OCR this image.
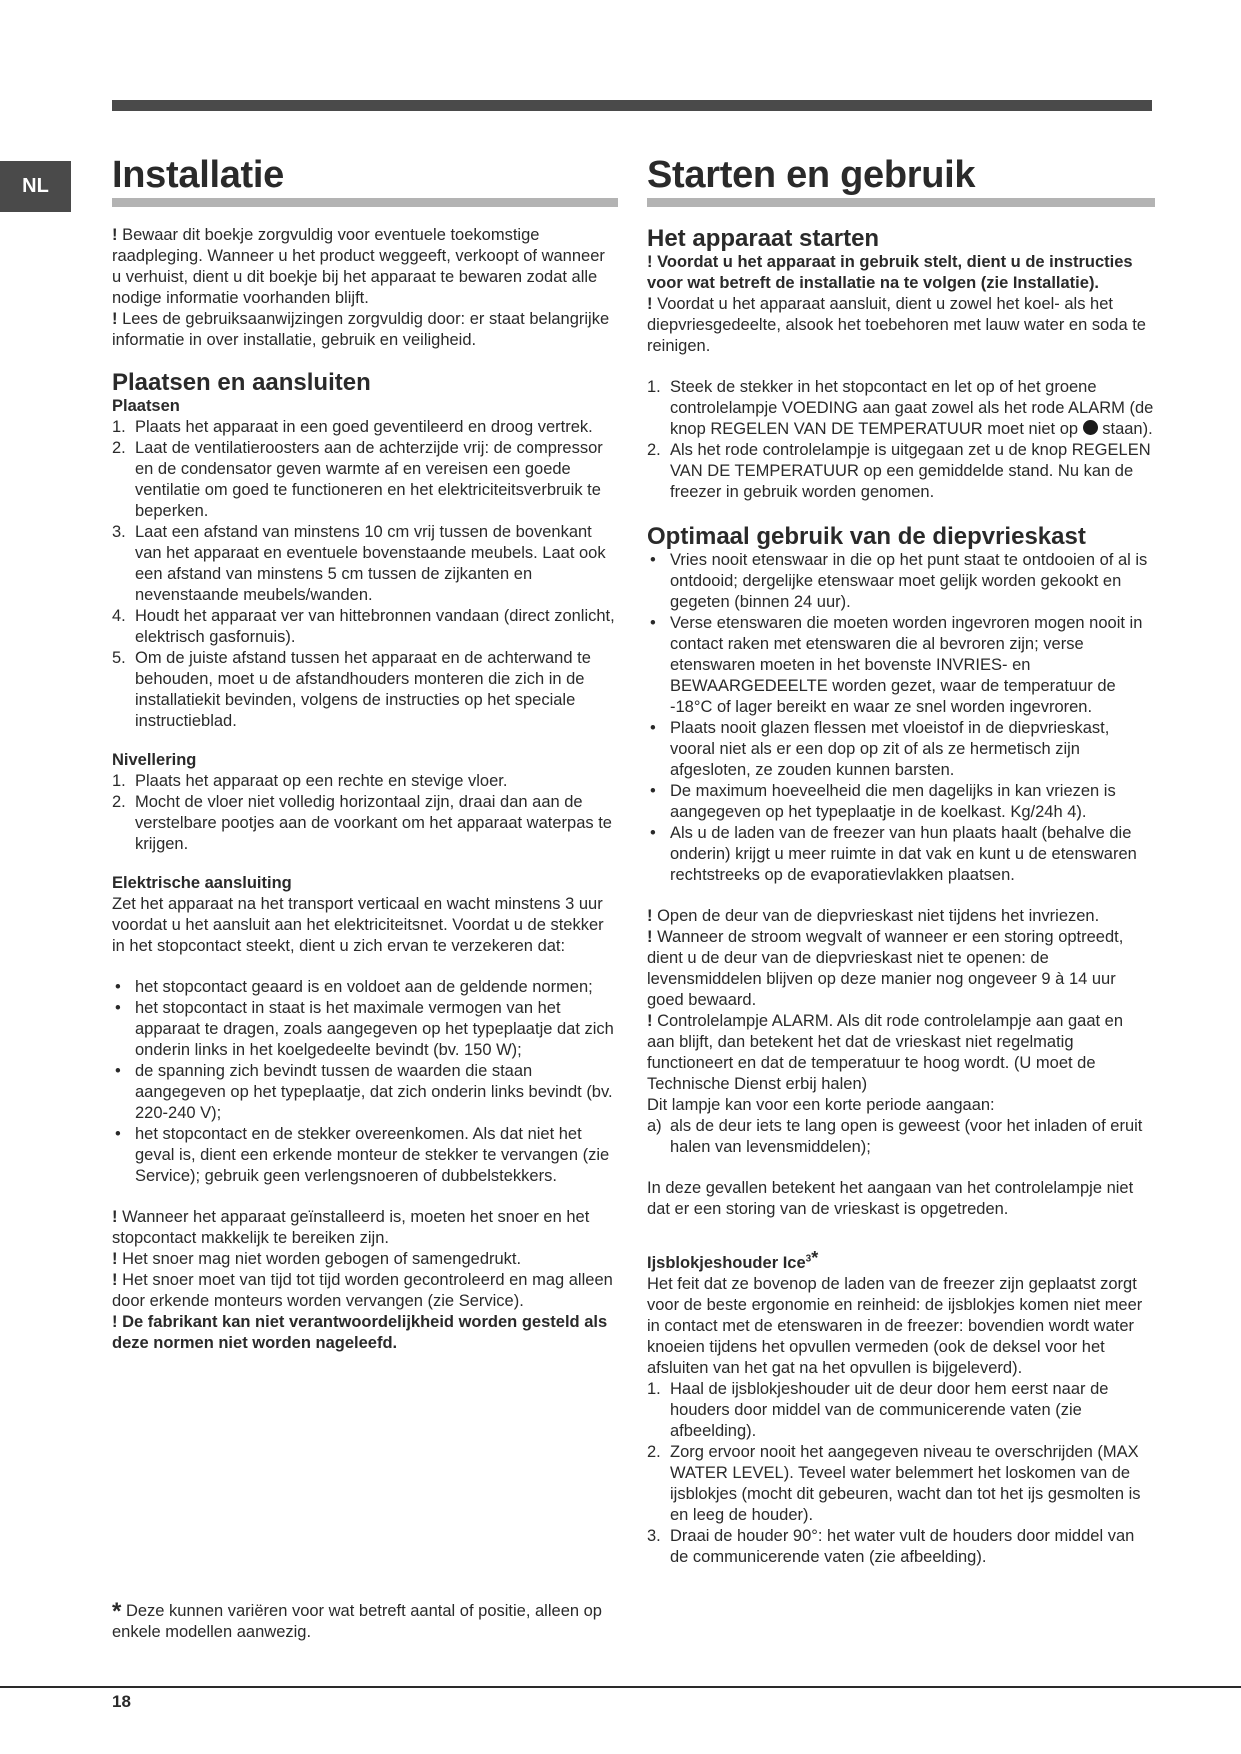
NL	Installatie

! Bewaar dit boekje zorgvuldig voor eventuele toekomstige raadpleging. Wanneer u het product weggeeft, verkoopt of wanneer u verhuist, dient u dit boekje bij het apparaat te bewaren zodat alle nodige informatie voorhanden blijft.

! Lees de gebruiksaanwijzingen zorgvuldig door: er staat belangrijke informatie in over installatie, gebruik en veiligheid.

Plaatsen en aansluiten
Plaatsen
1. Plaats het apparaat in een goed geventileerd en droog vertrek.
2. Laat de ventilatieroosters aan de achterzijde vrij: de compressor en de condensator geven warmte af en vereisen een goede ventilatie om goed te functioneren en het elektriciteitsverbruik te beperken.
3. Laat een afstand van minstens 10 cm vrij tussen de bovenkant van het apparaat en eventuele bovenstaande meubels. Laat ook een afstand van minstens 5 cm tussen de zijkanten en nevenstaande meubels/wanden.
4. Houdt het apparaat ver van hittebronnen vandaan (direct zonlicht, elektrisch gasfornuis).
5. Om de juiste afstand tussen het apparaat en de achterwand te behouden, moet u de afstandhouders monteren die zich in de installatiekit bevinden, volgens de instructies op het speciale instructieblad.
Nivellering
1. Plaats het apparaat op een rechte en stevige vloer.
2. Mocht de vloer niet volledig horizontaal zijn, draai dan aan de verstelbare pootjes aan de voorkant om het apparaat waterpas te krijgen.
Elektrische aansluiting

Zet het apparaat na het transport verticaal en wacht minstens 3 uur voordat u het aansluit aan het elektriciteitsnet. Voordat u de stekker in het stopcontact steekt, dient u zich ervan te verzekeren dat:

• het stopcontact geaard is en voldoet aan de geldende normen;
• het stopcontact in staat is het maximale vermogen van het apparaat te dragen, zoals aangegeven op het typeplaatje dat zich onderin links in het koelgedeelte bevindt (bv. 150 W);
• de spanning zich bevindt tussen de waarden die staan aangegeven op het typeplaatje, dat zich onderin links bevindt (bv. 220-240 V);
• het stopcontact en de stekker overeenkomen. Als dat niet het geval is, dient een erkende monteur de stekker te vervangen (zie Service); gebruik geen verlengsnoeren of dubbelstekkers.

! Wanneer het apparaat geïnstalleerd is, moeten het snoer en het stopcontact makkelijk te bereiken zijn.

! Het snoer mag niet worden gebogen of samengedrukt.

! Het snoer moet van tijd tot tijd worden gecontroleerd en mag alleen door erkende monteurs worden vervangen (zie Service).

! De fabrikant kan niet verantwoordelijkheid worden gesteld als deze normen niet worden nageleefd.

* Deze kunnen variëren voor wat betreft aantal of positie, alleen op enkele modellen aanwezig.
Starten en gebruik
Het apparaat starten

! Voordat u het apparaat in gebruik stelt, dient u de instructies voor wat betreft de installatie na te volgen (zie Installatie).

! Voordat u het apparaat aansluit, dient u zowel het koel- als het diepvriesgedeelte, alsook het toebehoren met lauw water en soda te reinigen.

1. Steek de stekker in het stopcontact en let op of het groene controlelampje VOEDING aan gaat zowel als het rode ALARM (de knop REGELEN VAN DE TEMPERATUUR moet niet op staan).
2. Als het rode controlelampje is uitgegaan zet u de knop REGELEN VAN DE TEMPERATUUR op een gemiddelde stand. Nu kan de freezer in gebruik worden genomen.
Optimaal gebruik van de diepvrieskast
• Vries nooit etenswaar in die op het punt staat te ontdooien of al is ontdooid; dergelijke etenswaar moet gelijk worden gekookt en gegeten (binnen 24 uur).
• Verse etenswaren die moeten worden ingevroren mogen nooit in contact raken met etenswaren die al bevroren zijn; verse etenswaren moeten in het bovenste INVRIES- en BEWAARGEDEELTE worden gezet, waar de temperatuur de -18°C of lager bereikt en waar ze snel worden ingevroren.
• Plaats nooit glazen flessen met vloeistof in de diepvrieskast, vooral niet als er een dop op zit of als ze hermetisch zijn afgesloten, ze zouden kunnen barsten.
• De maximum hoeveelheid die men dagelijks in kan vriezen is aangegeven op het typeplaatje in de koelkast. Kg/24h 4).
• Als u de laden van de freezer van hun plaats haalt (behalve die onderin) krijgt u meer ruimte in dat vak en kunt u de etenswaren rechtstreeks op de evaporatievlakken plaatsen.

! Open de deur van de diepvrieskast niet tijdens het invriezen.

! Wanneer de stroom wegvalt of wanneer er een storing optreedt, dient u de deur van de diepvrieskast niet te openen: de levensmiddelen blijven op deze manier nog ongeveer 9 à 14 uur goed bewaard.

! Controlelampje ALARM. Als dit rode controlelampje aan gaat en aan blijft, dan betekent het dat de vrieskast niet regelmatig functioneert en dat de temperatuur te hoog wordt. (U moet de Technische Dienst erbij halen)

Dit lampje kan voor een korte periode aangaan:

a) als de deur iets te lang open is geweest (voor het inladen of eruit halen van levensmiddelen);

In deze gevallen betekent het aangaan van het controlelampje niet dat er een storing van de vrieskast is opgetreden.

Ijsblokjeshouder Ice$^3$*

Het feit dat ze bovenop de laden van de freezer zijn geplaatst zorgt voor de beste ergonomie en reinheid: de ijsblokjes komen niet meer in contact met de etenswaren in de freezer: bovendien wordt water knoeien tijdens het opvullen vermeden (ook de deksel voor het afsluiten van het gat na het opvullen is bijgeleverd).

1. Haal de ijsblokjeshouder uit de deur door hem eerst naar de houders door middel van de communicerende vaten (zie afbeelding).
2. Zorg ervoor nooit het aangegeven niveau te overschrijden (MAX WATER LEVEL). Teveel water belemmert het loskomen van de ijsblokjes (mocht dit gebeuren, wacht dan tot het ijs gesmolten is en leeg de houder).
3. Draai de houder 90°: het water vult de houders door middel van de communicerende vaten (zie afbeelding).
18
